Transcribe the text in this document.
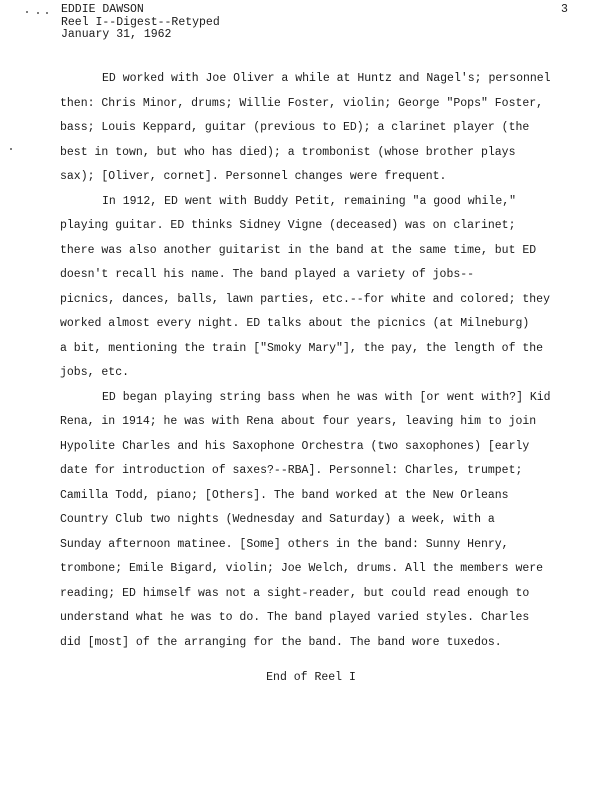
EDDIE DAWSON
Reel I--Digest--Retyped
January 31, 1962
3
ED worked with Joe Oliver a while at Huntz and Nagel's; personnel
then: Chris Minor, drums; Willie Foster, violin; George "Pops" Foster,
bass; Louis Keppard, guitar (previous to ED); a clarinet player (the
best in town, but who has died); a trombonist (whose brother plays
sax); [Oliver, cornet]. Personnel changes were frequent.
In 1912, ED went with Buddy Petit, remaining "a good while,"
playing guitar. ED thinks Sidney Vigne (deceased) was on clarinet;
there was also another guitarist in the band at the same time, but ED
doesn't recall his name. The band played a variety of jobs--
picnics, dances, balls, lawn parties, etc.--for white and colored; they
worked almost every night. ED talks about the picnics (at Milneburg)
a bit, mentioning the train ["Smoky Mary"], the pay, the length of the
jobs, etc.
ED began playing string bass when he was with [or went with?] Kid
Rena, in 1914; he was with Rena about four years, leaving him to join
Hypolite Charles and his Saxophone Orchestra (two saxophones) [early
date for introduction of saxes?--RBA]. Personnel: Charles, trumpet;
Camilla Todd, piano; [Others]. The band worked at the New Orleans
Country Club two nights (Wednesday and Saturday) a week, with a
Sunday afternoon matinee. [Some] others in the band: Sunny Henry,
trombone; Emile Bigard, violin; Joe Welch, drums. All the members were
reading; ED himself was not a sight-reader, but could read enough to
understand what he was to do. The band played varied styles. Charles
did [most] of the arranging for the band. The band wore tuxedos.
End of Reel I
